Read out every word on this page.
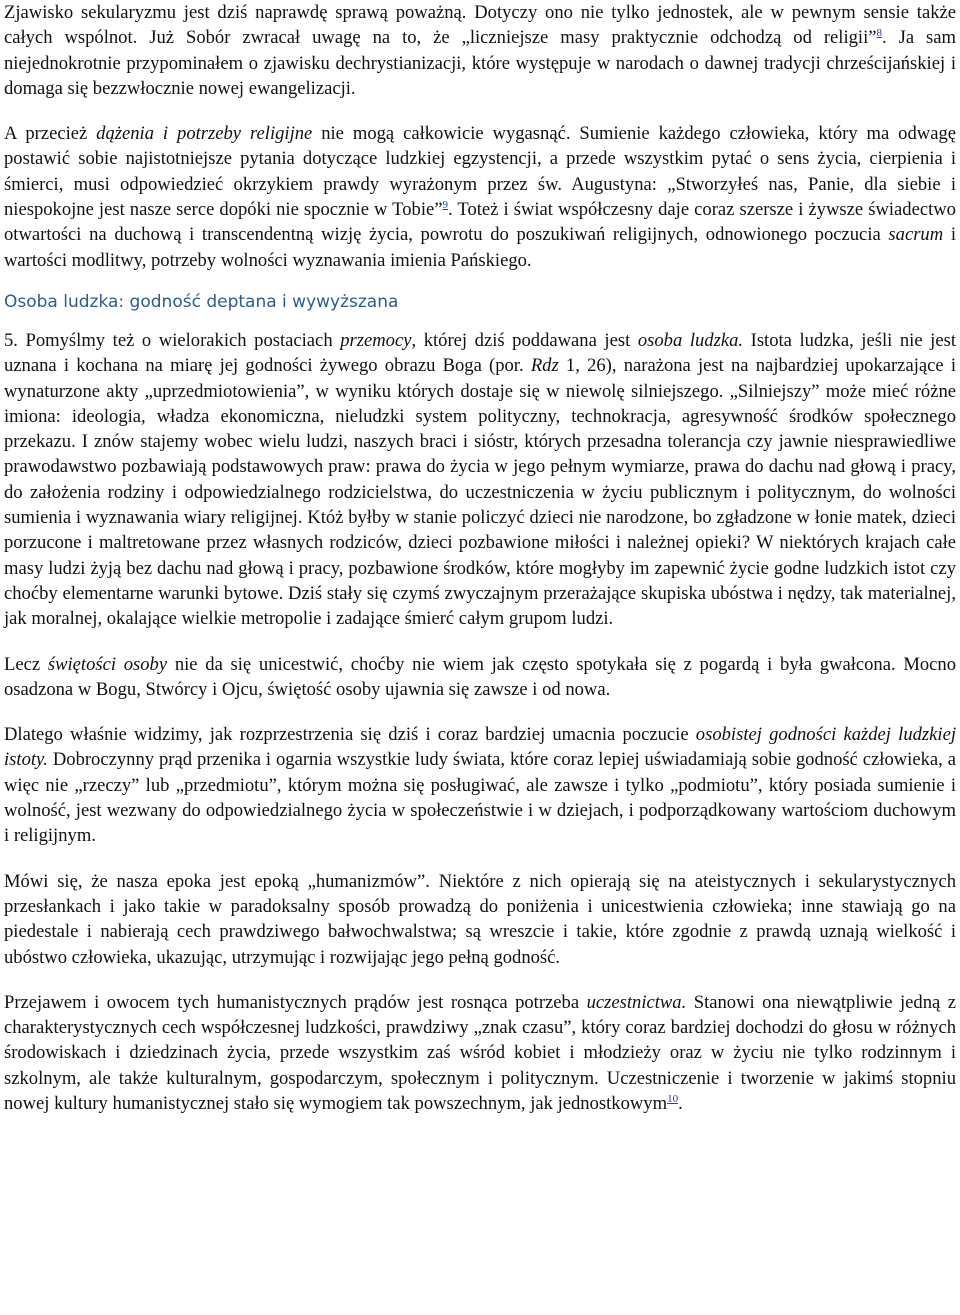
Zjawisko sekularyzmu jest dziś naprawdę sprawą poważną. Dotyczy ono nie tylko jednostek, ale w pewnym sensie także całych wspólnot. Już Sobór zwracał uwagę na to, że „liczniejsze masy praktycznie odchodzą od religii”$^8$. Ja sam niejednokrotnie przypominałem o zjawisku dechrystianizacji, które występuje w narodach o dawnej tradycji chrześcijańskiej i domaga się bezzwłocznie nowej ewangelizacji.

A przecież dążenia i potrzeby religijne nie mogą całkowicie wygasnąć. Sumienie każdego człowieka, który ma odwagę postawić sobie najistotniejsze pytania dotyczące ludzkiej egzystencji, a przede wszystkim pytać o sens życia, cierpienia i śmierci, musi odpowiedzieć okrzykiem prawdy wyrażonym przez św. Augustyna: „Stworzyłeś nas, Panie, dla siebie i niespokojne jest nasze serce dopóki nie spocznie w Tobie”$^9$. Toteż i świat współczesny daje coraz szersze i żywsze świadectwo otwartości na duchową i transcendentną wizję życia, powrotu do poszukiwań religijnych, odnowionego poczucia sacrum i wartości modlitwy, potrzeby wolności wyznawania imienia Pańskiego.

Osoba ludzka: godność deptana i wywyższana

5. Pomyślmy też o wielorakich postaciach przemocy, której dziś poddawana jest osoba ludzka. Istota ludzka, jeśli nie jest uznana i kochana na miarę jej godności żywego obrazu Boga (por. Rdz 1, 26), narażona jest na najbardziej upokarzające i wynaturzone akty „uprzedmiotowienia”, w wyniku których dostaje się w niewolę silniejszego. „Silniejszy” może mieć różne imiona: ideologia, władza ekonomiczna, nieludzki system polityczny, technokracja, agresywność środków społecznego przekazu. I znów stajemy wobec wielu ludzi, naszych braci i sióstr, których przesadna tolerancja czy jawnie niesprawiedliwe prawodawstwo pozbawiają podstawowych praw: prawa do życia w jego pełnym wymiarze, prawa do dachu nad głową i pracy, do założenia rodziny i odpowiedzialnego rodzicielstwa, do uczestniczenia w życiu publicznym i politycznym, do wolności sumienia i wyznawania wiary religijnej. Któż byłby w stanie policzyć dzieci nie narodzone, bo zgładzone w łonie matek, dzieci porzucone i maltretowane przez własnych rodziców, dzieci pozbawione miłości i należnej opieki? W niektórych krajach całe masy ludzi żyją bez dachu nad głową i pracy, pozbawione środków, które mogłyby im zapewnić życie godne ludzkich istot czy choćby elementarne warunki bytowe. Dziś stały się czymś zwyczajnym przerażające skupiska ubóstwa i nędzy, tak materialnej, jak moralnej, okalające wielkie metropolie i zadające śmierć całym grupom ludzi.

Lecz świętości osoby nie da się unicestwić, choćby nie wiem jak często spotykała się z pogardą i była gwałcona. Mocno osadzona w Bogu, Stwórcy i Ojcu, świętość osoby ujawnia się zawsze i od nowa.

Dlatego właśnie widzimy, jak rozprzestrzenia się dziś i coraz bardziej umacnia poczucie osobistej godności każdej ludzkiej istoty. Dobroczynny prąd przenika i ogarnia wszystkie ludy świata, które coraz lepiej uświadamiają sobie godność człowieka, a więc nie „rzeczy” lub „przedmiotu”, którym można się posługiwać, ale zawsze i tylko „podmiotu”, który posiada sumienie i wolność, jest wezwany do odpowiedzialnego życia w społeczeństwie i w dziejach, i podporządkowany wartościom duchowym i religijnym.

Mówi się, że nasza epoka jest epoką „humanizmów”. Niektóre z nich opierają się na ateistycznych i sekularystycznych przesłankach i jako takie w paradoksalny sposób prowadzą do poniżenia i unicestwienia człowieka; inne stawiają go na piedestale i nabierają cech prawdziwego bałwochwalstwa; są wreszcie i takie, które zgodnie z prawdą uznają wielkość i ubóstwo człowieka, ukazując, utrzymując i rozwijając jego pełną godność.

Przejawem i owocem tych humanistycznych prądów jest rosnąca potrzeba uczestnictwa. Stanowi ona niewątpliwie jedną z charakterystycznych cech współczesnej ludzkości, prawdziwy „znak czasu”, który coraz bardziej dochodzi do głosu w różnych środowiskach i dziedzinach życia, przede wszystkim zaś wśród kobiet i młodzieży oraz w życiu nie tylko rodzinnym i szkolnym, ale także kulturalnym, gospodarczym, społecznym i politycznym. Uczestniczenie i tworzenie w jakimś stopniu nowej kultury humanistycznej stało się wymogiem tak powszechnym, jak jednostkowym$^{10}$.
